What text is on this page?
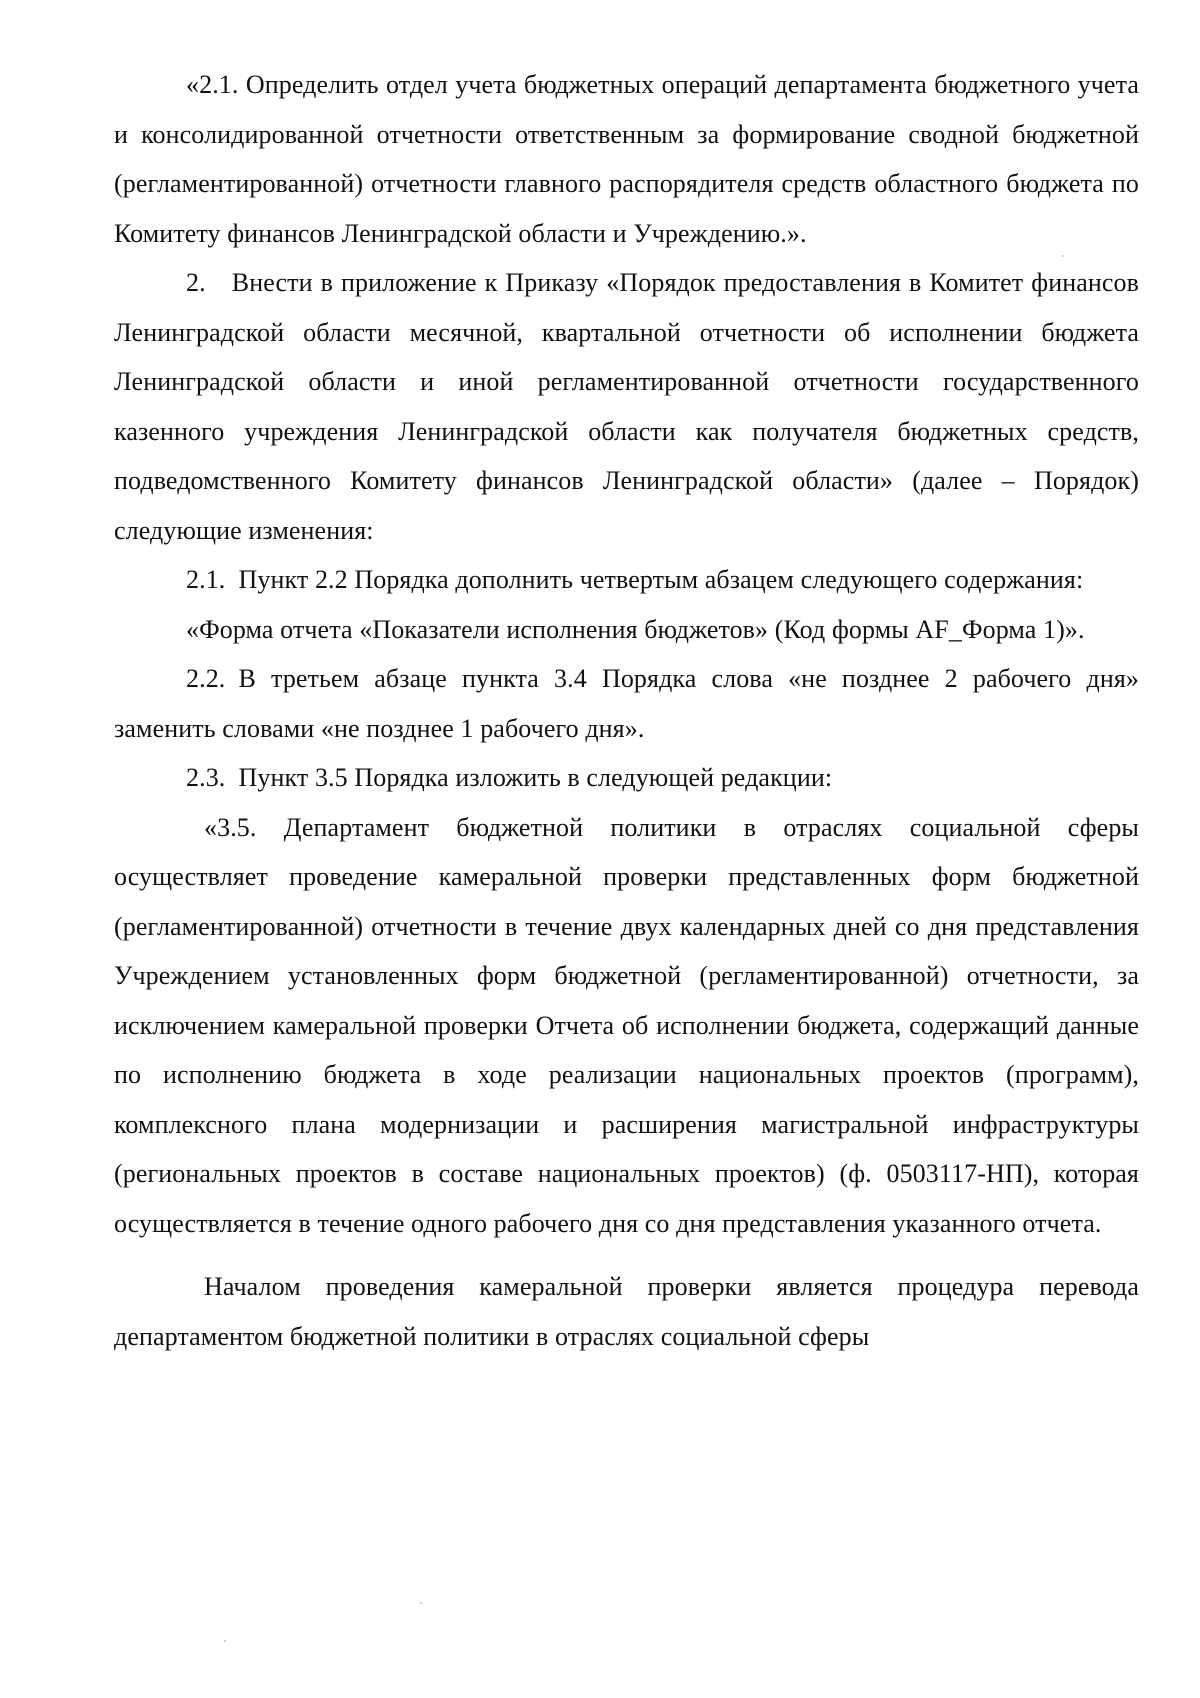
«2.1. Определить отдел учета бюджетных операций департамента бюджетного учета и консолидированной отчетности ответственным за формирование сводной бюджетной (регламентированной) отчетности главного распорядителя средств областного бюджета по Комитету финансов Ленинградской области и Учреждению.».

2. Внести в приложение к Приказу «Порядок предоставления в Комитет финансов Ленинградской области месячной, квартальной отчетности об исполнении бюджета Ленинградской области и иной регламентированной отчетности государственного казенного учреждения Ленинградской области как получателя бюджетных средств, подведомственного Комитету финансов Ленинградской области» (далее – Порядок) следующие изменения:

2.1. Пункт 2.2 Порядка дополнить четвертым абзацем следующего содержания:

«Форма отчета «Показатели исполнения бюджетов» (Код формы AF_Форма 1)».

2.2. В третьем абзаце пункта 3.4 Порядка слова «не позднее 2 рабочего дня» заменить словами «не позднее 1 рабочего дня».

2.3. Пункт 3.5 Порядка изложить в следующей редакции:

«3.5. Департамент бюджетной политики в отраслях социальной сферы осуществляет проведение камеральной проверки представленных форм бюджетной (регламентированной) отчетности в течение двух календарных дней со дня представления Учреждением установленных форм бюджетной (регламентированной) отчетности, за исключением камеральной проверки Отчета об исполнении бюджета, содержащий данные по исполнению бюджета в ходе реализации национальных проектов (программ), комплексного плана модернизации и расширения магистральной инфраструктуры (региональных проектов в составе национальных проектов) (ф. 0503117-НП), которая осуществляется в течение одного рабочего дня со дня представления указанного отчета.

Началом проведения камеральной проверки является процедура перевода департаментом бюджетной политики в отраслях социальной сферы
